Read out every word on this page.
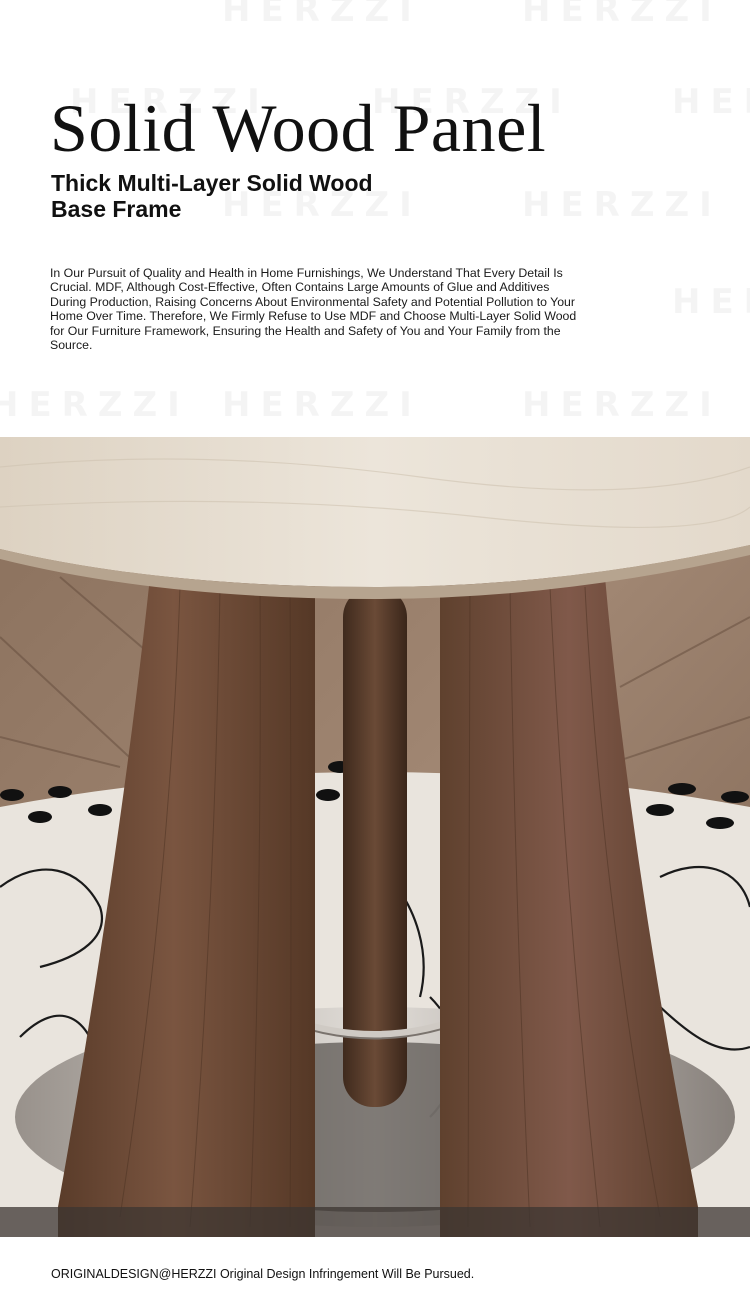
Solid Wood Panel
Thick Multi-Layer Solid Wood
Base Frame

In Our Pursuit of Quality and Health in Home Furnishings, We Understand That Every Detail Is Crucial. MDF, Although Cost-Effective, Often Contains Large Amounts of Glue and Additives During Production, Raising Concerns About Environmental Safety and Potential Pollution to Your Home Over Time. Therefore, We Firmly Refuse to Use MDF and Choose Multi-Layer Solid Wood for Our Furniture Framework, Ensuring the Health and Safety of You and Your Family from the Source.

ORIGINALDESIGN@HERZZI Original Design Infringement Will Be Pursued.
